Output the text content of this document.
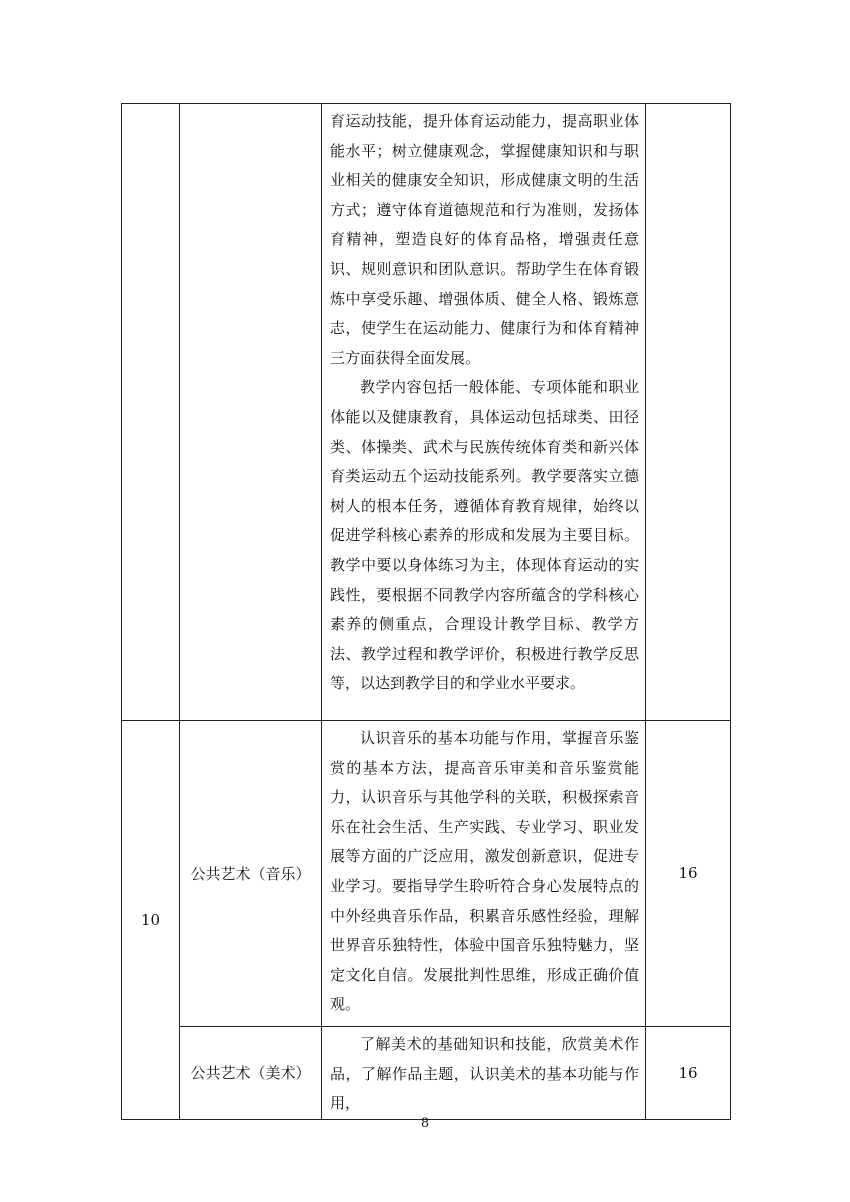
		育运动技能，提升体育运动能力，提高职业体能水平；树立健康观念，掌握健康知识和与职业相关的健康安全知识，形成健康文明的生活方式；遵守体育道德规范和行为准则，发扬体育精神，塑造良好的体育品格，增强责任意识、规则意识和团队意识。帮助学生在体育锻炼中享受乐趣、增强体质、健全人格、锻炼意志，使学生在运动能力、健康行为和体育精神三方面获得全面发展。

教学内容包括一般体能、专项体能和职业体能以及健康教育，具体运动包括球类、田径类、体操类、武术与民族传统体育类和新兴体育类运动五个运动技能系列。教学要落实立德树人的根本任务，遵循体育教育规律，始终以促进学科核心素养的形成和发展为主要目标。教学中要以身体练习为主，体现体育运动的实践性，要根据不同教学内容所蕴含的学科核心素养的侧重点，合理设计教学目标、教学方法、教学过程和教学评价，积极进行教学反思等，以达到教学目的和学业水平要求。	

10	公共艺术（音乐）	认识音乐的基本功能与作用，掌握音乐鉴赏的基本方法，提高音乐审美和音乐鉴赏能力，认识音乐与其他学科的关联，积极探索音乐在社会生活、生产实践、专业学习、职业发展等方面的广泛应用，激发创新意识，促进专业学习。要指导学生聆听符合身心发展特点的中外经典音乐作品，积累音乐感性经验，理解世界音乐独特性，体验中国音乐独特魅力，坚定文化自信。发展批判性思维，形成正确价值观。	16
	公共艺术（美术）	了解美术的基础知识和技能，欣赏美术作品，了解作品主题，认识美术的基本功能与作用，	16
8
